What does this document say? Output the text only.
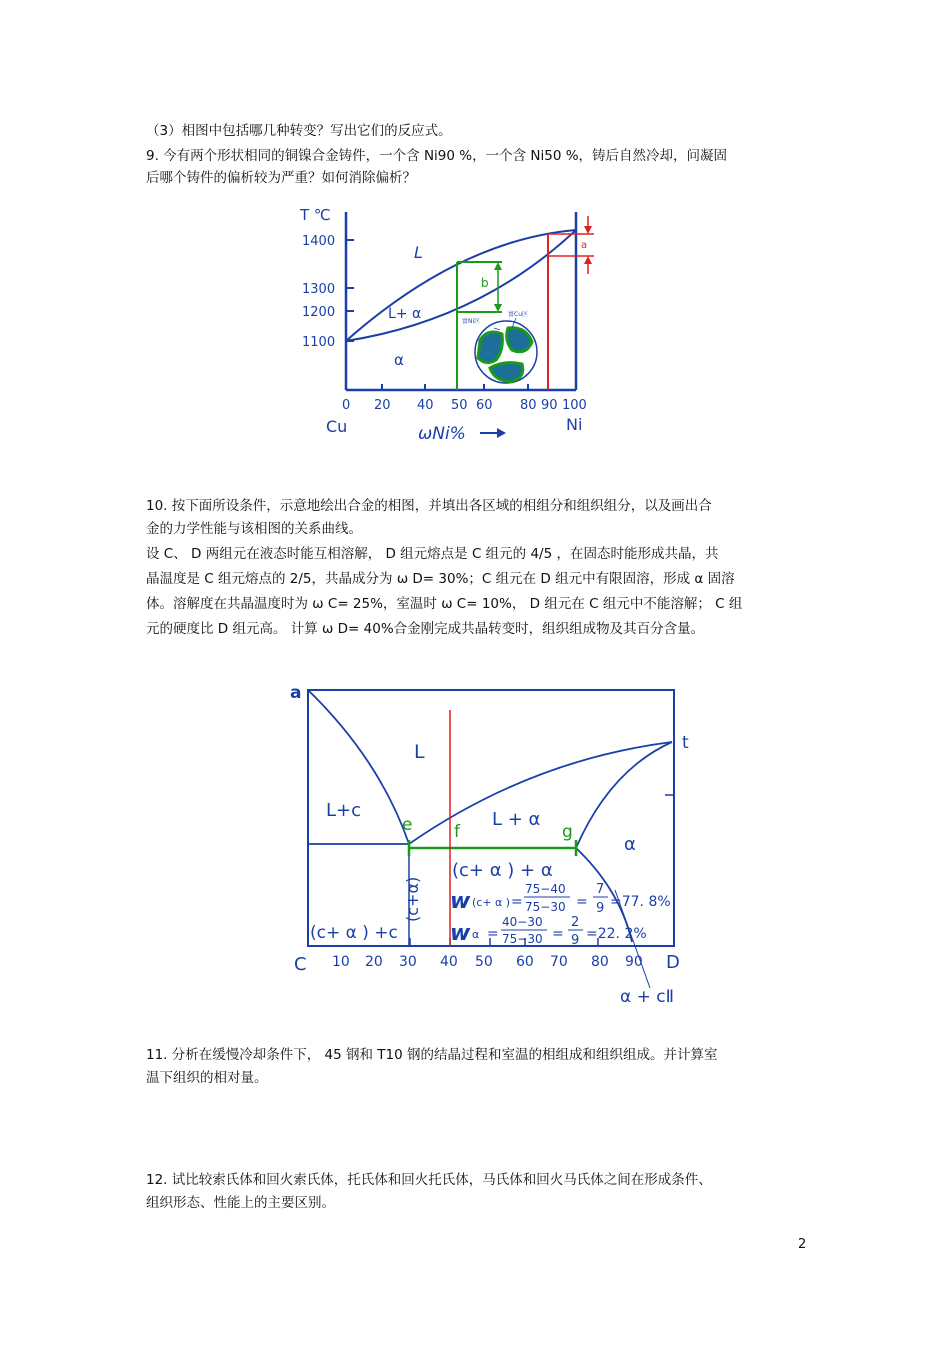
（3）相图中包括哪几种转变？写出它们的反应式。
9. 今有两个形状相同的铜镍合金铸件，一个含 Ni90 %，一个含 Ni50 %，铸后自然冷却，问凝固
后哪个铸件的偏析较为严重？如何消除偏析？
T ℃
1400
1300
1200
1100
0 20 40 50 60 80 90 100
Cu	Ni
ωNi%
L
L+ α
α
b
a
富Ni区
富Cu区
10. 按下面所设条件，示意地绘出合金的相图，并填出各区域的相组分和组织组分，以及画出合
金的力学性能与该相图的关系曲线。
设 C、 D 两组元在液态时能互相溶解， D 组元熔点是 C 组元的 4/5 ，在固态时能形成共晶，共
晶温度是 C 组元熔点的 2/5，共晶成分为 ω D= 30%；C 组元在 D 组元中有限固溶，形成 α 固溶
体。溶解度在共晶温度时为 ω C= 25%，室温时 ω C= 10%， D 组元在 C 组元中不能溶解； C 组
元的硬度比 D 组元高。 计算 ω D= 40%合金刚完成共晶转变时，组织组成物及其百分含量。
a
t
e f	g
C	D
10 20 30 40 50 60 70 80 90
L
L+c	L + α
α
(c+ α ) + α
(c+α)
(c+ α ) +c
α + cⅡ
w (c+ α ) =
75−40
75−30 =
7
9 =77. 8%
w α =
40−30
75−30 =
2
9 =22. 2%
11. 分析在缓慢冷却条件下， 45 钢和 T10 钢的结晶过程和室温的相组成和组织组成。并计算室
温下组织的相对量。
12. 试比较索氏体和回火索氏体，托氏体和回火托氏体，马氏体和回火马氏体之间在形成条件、
组织形态、性能上的主要区别。
2
